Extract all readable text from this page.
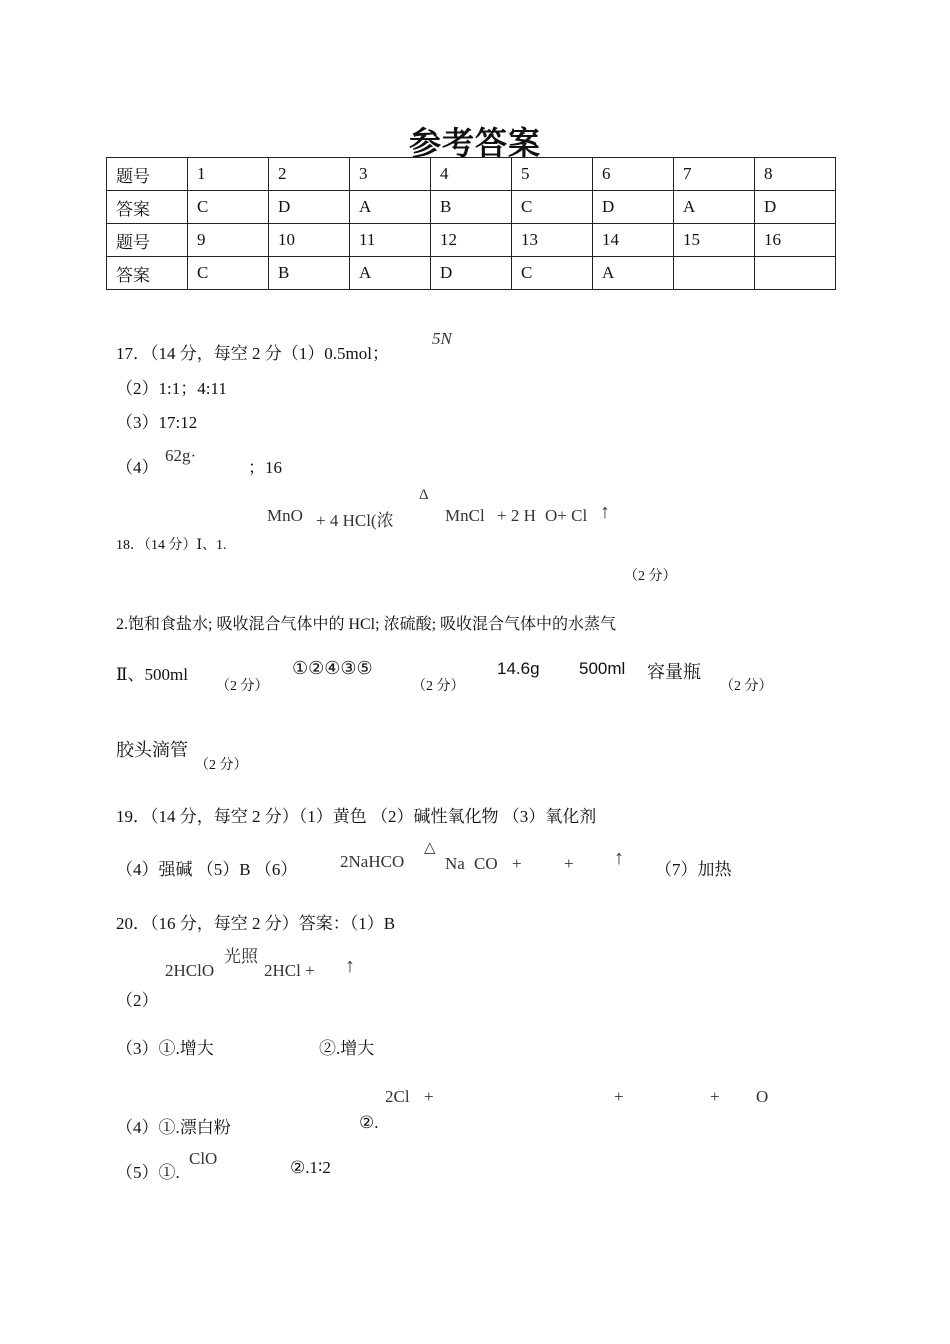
参考答案
题号	1	2	3	4	5	6	7	8
答案	C	D	A	B	C	D	A	D
题号	9	10	11	12	13	14	15	16
答案	C	B	A	D	C	A		
17．（14 分，每空 2 分（1）0.5mol；
5N
（2）1:1；4:11
（3）17:12
（4）
62g·
；16
Δ
MnO + 4 HCl(浓	MnCl + 2 H O+ Cl ↑
18．（14 分）Ⅰ、1.
（2 分）
2.饱和食盐水; 吸收混合气体中的 HCl; 浓硫酸; 吸收混合气体中的水蒸气
Ⅱ、500ml
（2 分）
①②④③⑤
（2 分）
14.6g 500ml 容量瓶
（2 分）
胶头滴管
（2 分）
19．（14 分，每空 2 分）（1）黄色 （2）碱性氧化物 （3）氧化剂
△
（4）强碱 （5）B （6）	2NaHCO Na CO + + ↑
（7）加热
20．（16 分，每空 2 分）答案：（1）B
光照
2HClO	2HCl + ↑
（2）
（3）①.增大	②.增大
2Cl +	+	+ O
（4）①.漂白粉	②.
（5）①.
ClO	②.1∶2
